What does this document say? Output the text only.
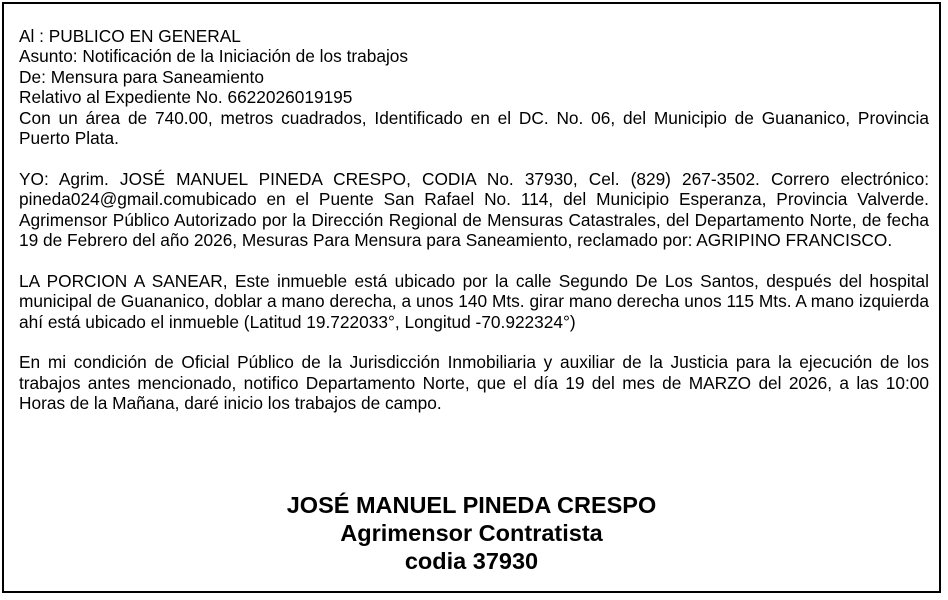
Al : PUBLICO EN GENERAL
Asunto: Notificación de la Iniciación de los trabajos
De: Mensura para Saneamiento
Relativo al Expediente No. 6622026019195

Con un área de 740.00, metros cuadrados, Identificado en el DC. No. 06, del Municipio de Guananico, Provincia Puerto Plata.

YO: Agrim. JOSÉ MANUEL PINEDA CRESPO, CODIA No. 37930, Cel. (829) 267-3502. Correro electrónico: pineda024@gmail.comubicado en el Puente San Rafael No. 114, del Municipio Esperanza, Provincia Valverde. Agrimensor Público Autorizado por la Dirección Regional de Mensuras Catastrales, del Departamento Norte, de fecha 19 de Febrero del año 2026, Mesuras Para Mensura para Saneamiento, reclamado por: AGRIPINO FRANCISCO.

LA PORCION A SANEAR, Este inmueble está ubicado por la calle Segundo De Los Santos, después del hospital municipal de Guananico, doblar a mano derecha, a unos 140 Mts. girar mano derecha unos 115 Mts. A mano izquierda ahí está ubicado el inmueble (Latitud 19.722033°, Longitud -70.922324°)

En mi condición de Oficial Público de la Jurisdicción Inmobiliaria y auxiliar de la Justicia para la ejecución de los trabajos antes mencionado, notifico Departamento Norte, que el día 19 del mes de MARZO del 2026, a las 10:00 Horas de la Mañana, daré inicio los trabajos de campo.

JOSÉ MANUEL PINEDA CRESPO
Agrimensor Contratista
codia 37930
